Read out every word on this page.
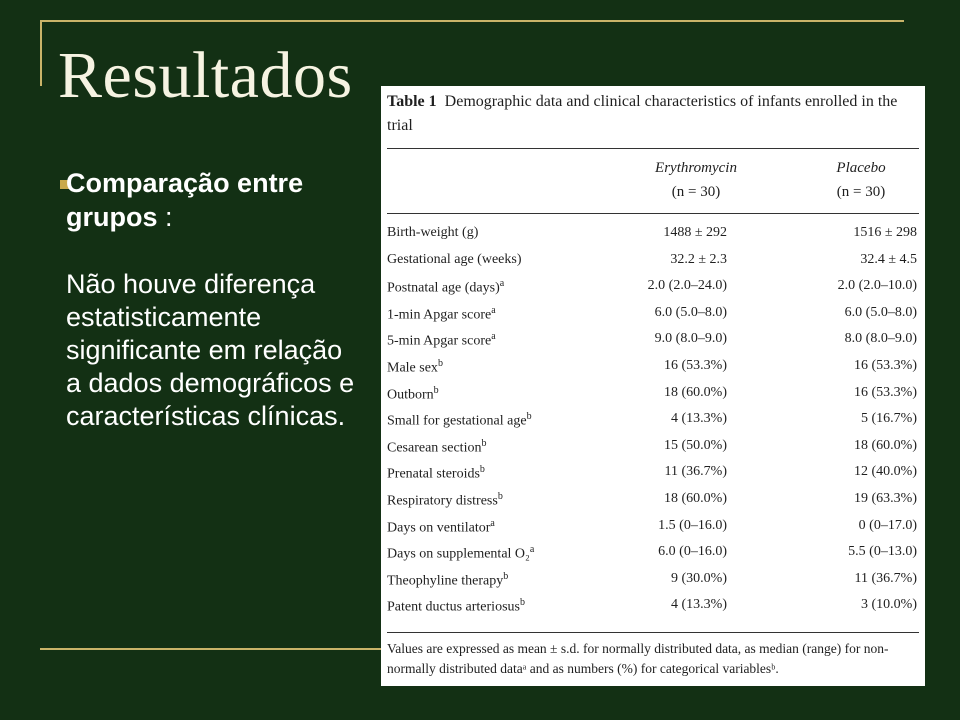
Resultados
Comparação entre grupos :
Não houve diferença estatisticamente significante em relação a dados demográficos e características clínicas.
Table 1 Demographic data and clinical characteristics of infants enrolled in the trial
Erythromycin
(n = 30)
Placebo
(n = 30)
Birth-weight (g)	1488 ± 292	1516 ± 298
Gestational age (weeks)	32.2 ± 2.3	32.4 ± 4.5
Postnatal age (days)$^a$	2.0 (2.0–24.0)	2.0 (2.0–10.0)
1-min Apgar score$^a$	6.0 (5.0–8.0)	6.0 (5.0–8.0)
5-min Apgar score$^a$	9.0 (8.0–9.0)	8.0 (8.0–9.0)
Male sex$^b$	16 (53.3%)	16 (53.3%)
Outborn$^b$	18 (60.0%)	16 (53.3%)
Small for gestational age$^b$	4 (13.3%)	5 (16.7%)
Cesarean section$^b$	15 (50.0%)	18 (60.0%)
Prenatal steroids$^b$	11 (36.7%)	12 (40.0%)
Respiratory distress$^b$	18 (60.0%)	19 (63.3%)
Days on ventilator$^a$	1.5 (0–16.0)	0 (0–17.0)
Days on supplemental O₂$^a$	6.0 (0–16.0)	5.5 (0–13.0)
Theophyline therapy$^b$	9 (30.0%)	11 (36.7%)
Patent ductus arteriosus$^b$	4 (13.3%)	3 (10.0%)
Values are expressed as mean ± s.d. for normally distributed data, as median (range) for non-normally distributed dataᵃ and as numbers (%) for categorical variablesᵇ.
